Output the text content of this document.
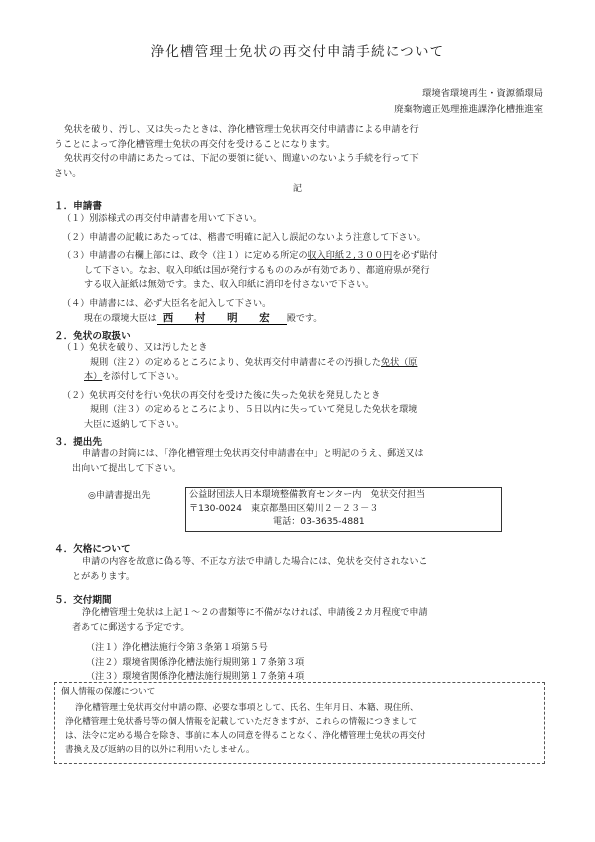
浄化槽管理士免状の再交付申請手続について
環境省環境再生・資源循環局
廃棄物適正処理推進課浄化槽推進室
免状を破り、汚し、又は失ったときは、浄化槽管理士免状再交付申請書による申請を行
うことによって浄化槽管理士免状の再交付を受けることになります。
免状再交付の申請にあたっては、下記の要領に従い、間違いのないよう手続を行って下
さい。
記
１．申請書
（１）別添様式の再交付申請書を用いて下さい。
（２）申請書の記載にあたっては、楷書で明確に記入し誤記のないよう注意して下さい。
（３）申請書の右欄上部には、政令（注１）に定める所定の収入印紙２,３００円を必ず貼付
して下さい。なお、収入印紙は国が発行するもののみが有効であり、都道府県が発行
する収入証紙は無効です。また、収入印紙に消印を付さないで下さい。
（４）申請書には、必ず大臣名を記入して下さい。
現在の環境大臣は 西 村 明 宏 殿です。
２．免状の取扱い
（１）免状を破り、又は汚したとき
規則（注２）の定めるところにより、免状再交付申請書にその汚損した免状（原
本）を添付して下さい。
（２）免状再交付を行い免状の再交付を受けた後に失った免状を発見したとき
規則（注３）の定めるところにより、５日以内に失っていて発見した免状を環境
大臣に返納して下さい。
３．提出先
申請書の封筒には、「浄化槽管理士免状再交付申請書在中」と明記のうえ、郵送又は
出向いて提出して下さい。
◎申請書提出先	公益財団法人日本環境整備教育センター内　免状交付担当
〒130-0024　東京都墨田区菊川２－２３－３
電話：03-3635-4881
４．欠格について
申請の内容を故意に偽る等、不正な方法で申請した場合には、免状を交付されないこ
とがあります。
５．交付期間
浄化槽管理士免状は上記１～２の書類等に不備がなければ、申請後２カ月程度で申請
者あてに郵送する予定です。
（注１）浄化槽法施行令第３条第１項第５号
（注２）環境省関係浄化槽法施行規則第１７条第３項
（注３）環境省関係浄化槽法施行規則第１７条第４項
個人情報の保護について
浄化槽管理士免状再交付申請の際、必要な事項として、氏名、生年月日、本籍、現住所、
浄化槽管理士免状番号等の個人情報を記載していただきますが、これらの情報につきまして
は、法令に定める場合を除き、事前に本人の同意を得ることなく、浄化槽管理士免状の再交付
書換え及び返納の目的以外に利用いたしません。
